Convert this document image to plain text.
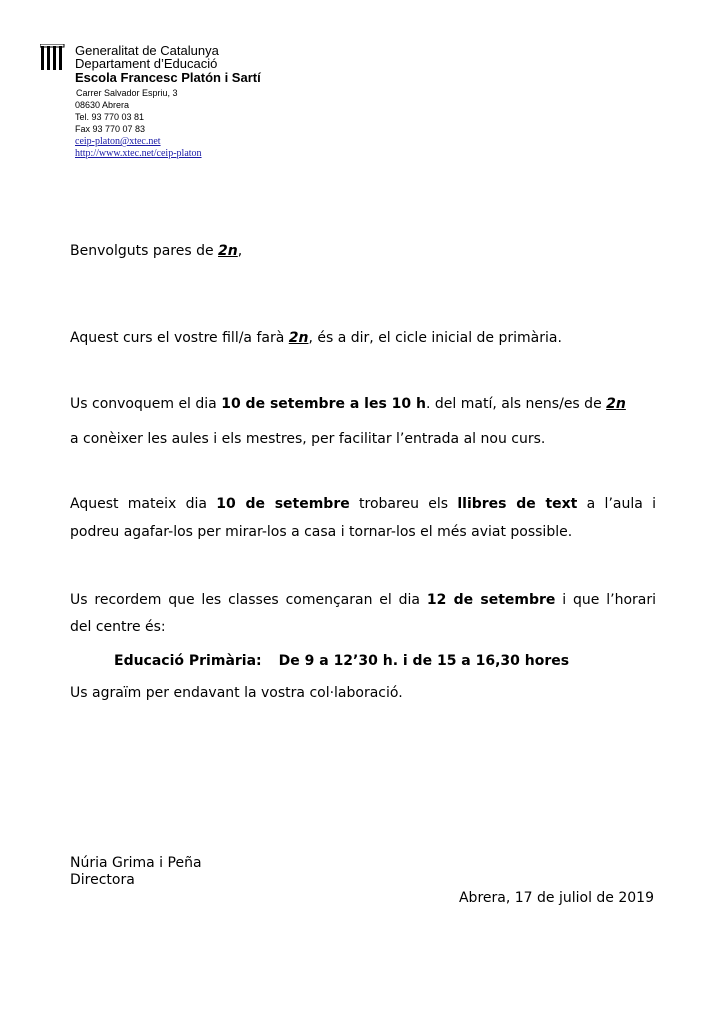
Generalitat de Catalunya
Departament d’Educació
Escola Francesc Platón i Sartí
Carrer Salvador Espriu, 3
08630 Abrera
Tel. 93 770 03 81
Fax 93 770 07 83
ceip-platon@xtec.net
http://www.xtec.net/ceip-platon
Benvolguts pares de 2n,
Aquest curs el vostre fill/a farà 2n, és a dir, el cicle inicial de primària.
Us convoquem el dia 10 de setembre a les 10 h. del matí, als nens/es de 2n
a conèixer les aules i els mestres, per facilitar l’entrada al nou curs.
Aquest mateix dia 10 de setembre trobareu els llibres de text a l’aula i
podreu agafar-los per mirar-los a casa i tornar-los el més aviat possible.
Us recordem que les classes començaran el dia 12 de setembre i que l’horari
del centre és:
Educació Primària: De 9 a 12’30 h. i de 15 a 16,30 hores
Us agraïm per endavant la vostra col·laboració.
Núria Grima i Peña
Directora
Abrera, 17 de juliol de 2019
